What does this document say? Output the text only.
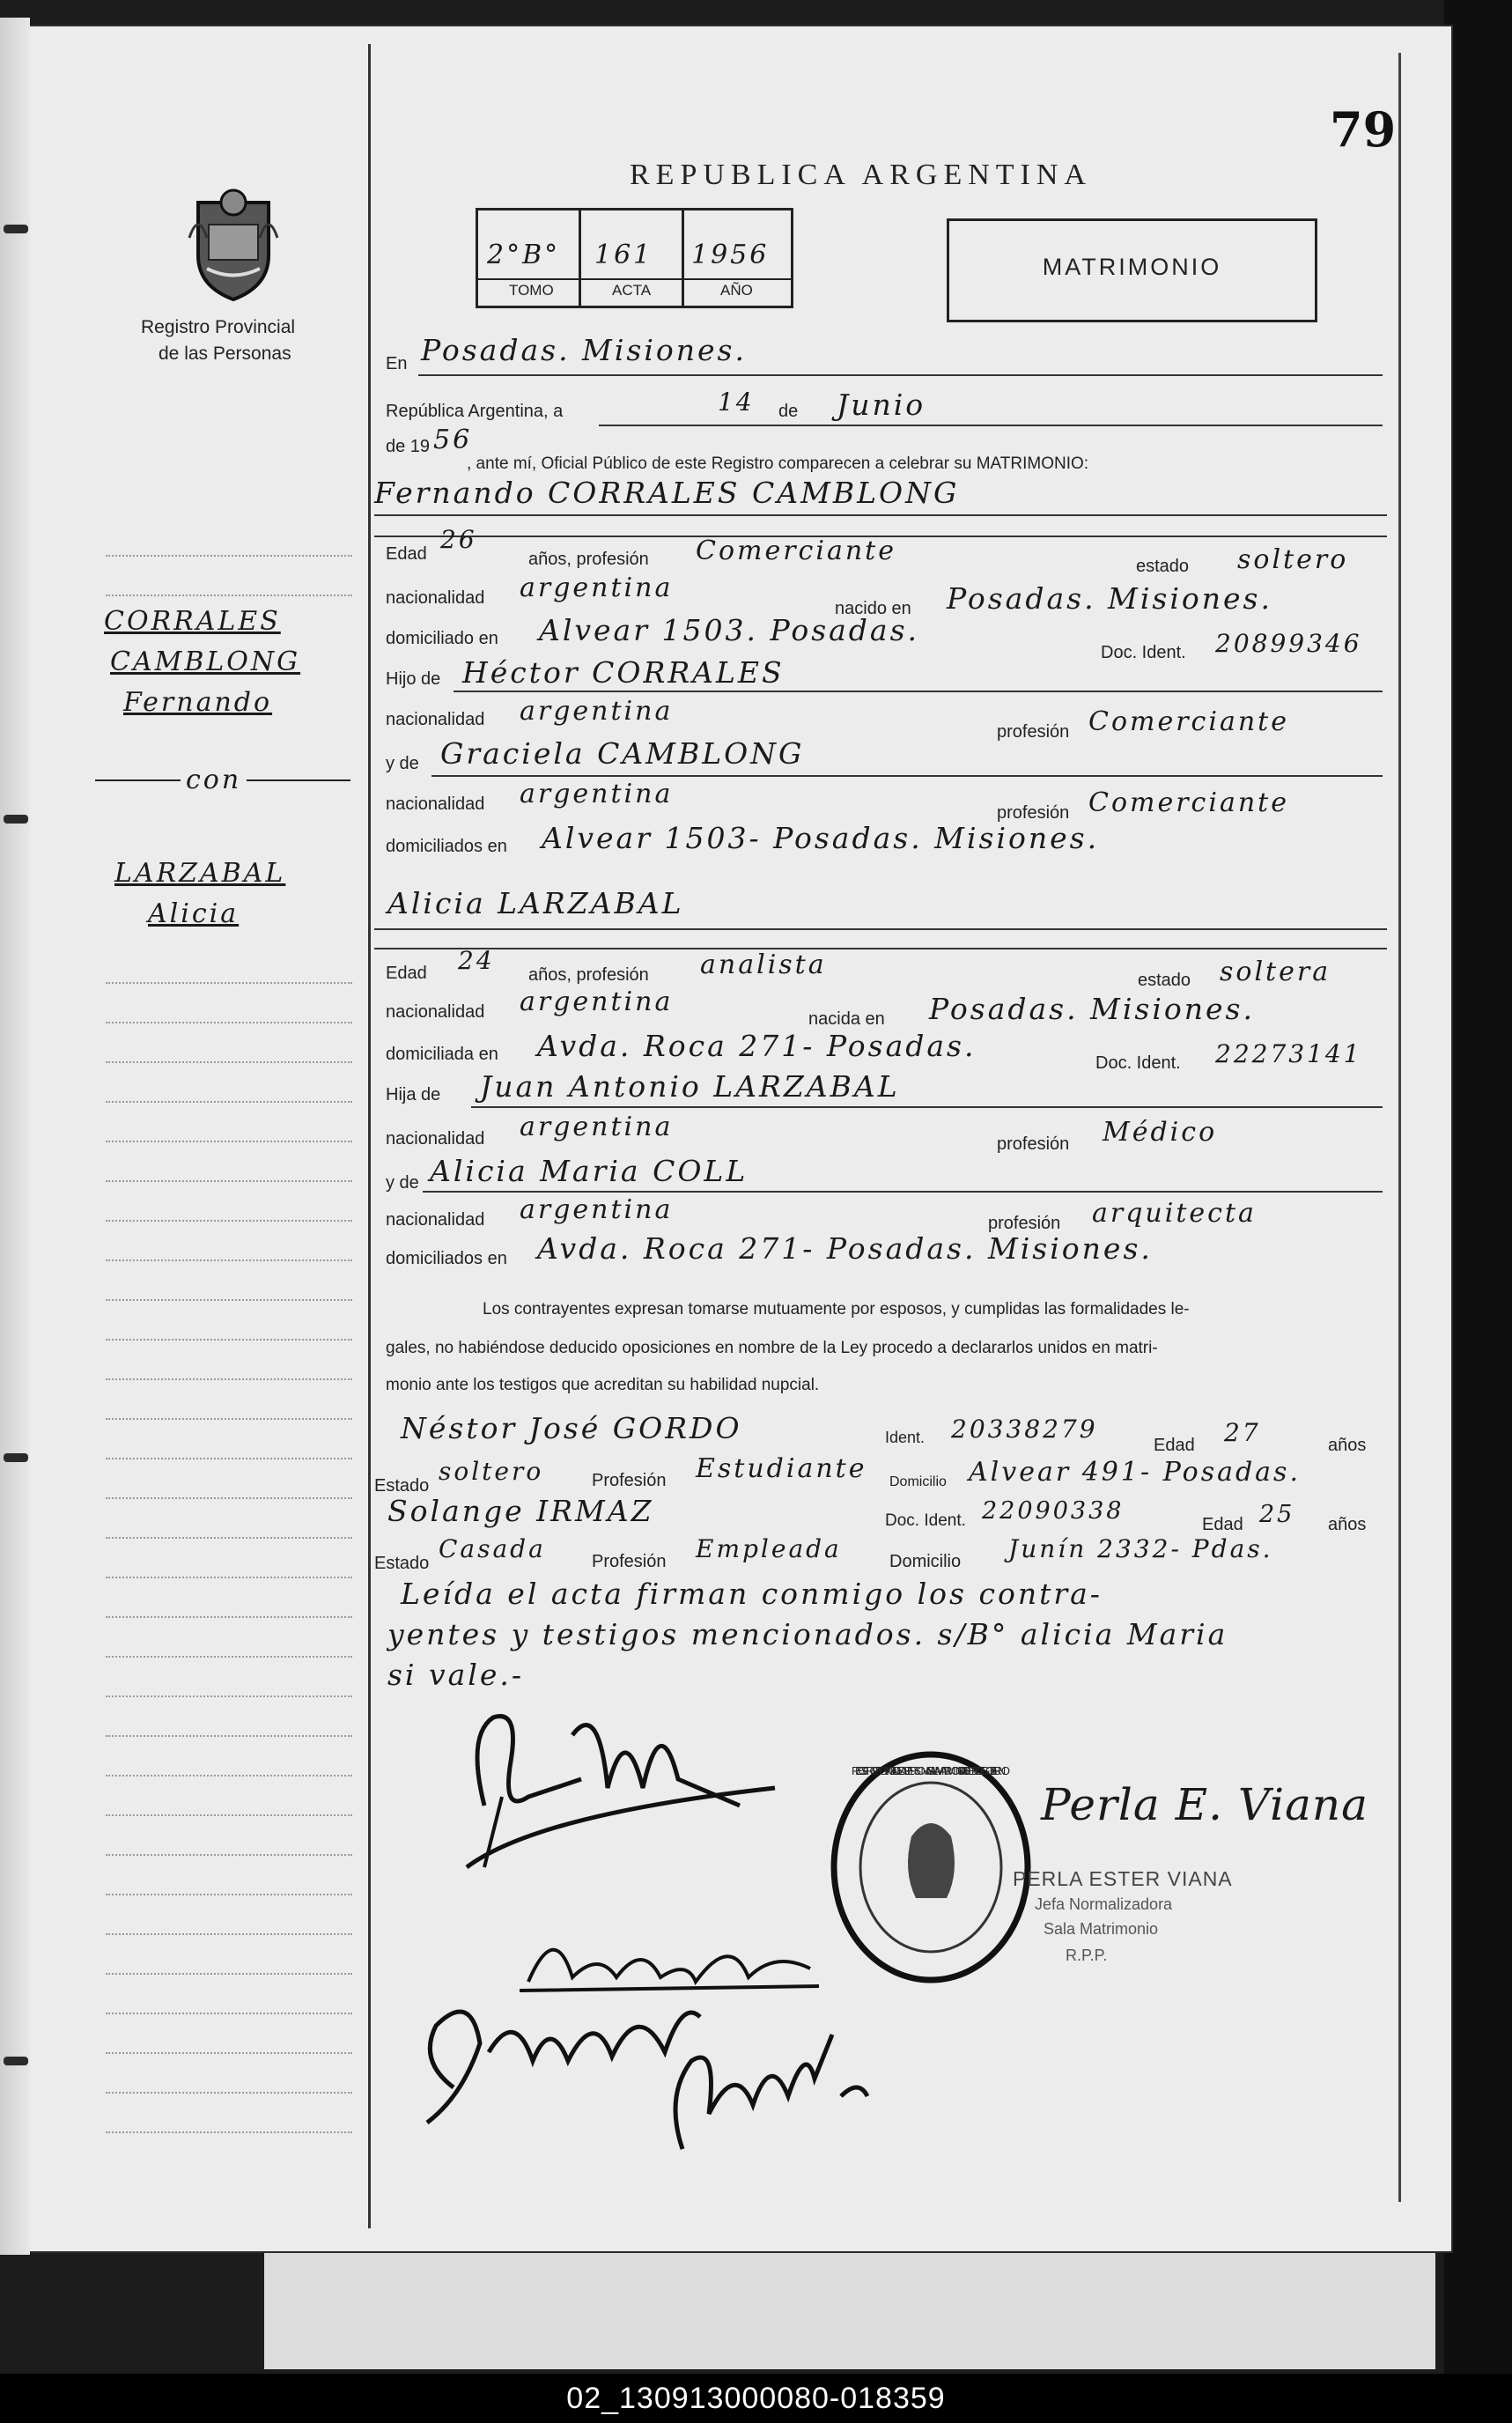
79
Registro Provincial
de las Personas
REPUBLICA ARGENTINA
2°B° 161 1956
TOMO	ACTA	AÑO
MATRIMONIO
CORRALES
CAMBLONG
Fernando
con
LARZABAL
Alicia
En Posadas. Misiones.
República Argentina, a	14 de Junio
de 19 56
, ante mí, Oficial Público de este Registro comparecen a celebrar su MATRIMONIO:
Fernando CORRALES CAMBLONG
Edad 26
años, profesión Comerciante	estado soltero
nacionalidad argentina
nacido en Posadas. Misiones.
domiciliado en Alvear 1503. Posadas.
Doc. Ident. 20899346
Hijo de Héctor CORRALES
nacionalidad argentina
profesión Comerciante
y de Graciela CAMBLONG
nacionalidad argentina
profesión Comerciante
domiciliados en Alvear 1503- Posadas. Misiones.
Alicia LARZABAL
Edad 24 años, profesión analista	estado soltera
nacionalidad argentina
nacida en Posadas. Misiones.
domiciliada en Avda. Roca 271- Posadas.	Doc. Ident. 22273141
Hija de Juan Antonio LARZABAL
nacionalidad argentina
profesión Médico
y de Alicia Maria COLL
nacionalidad argentina	profesión arquitecta
domiciliados en Avda. Roca 271- Posadas. Misiones.
Los contrayentes expresan tomarse mutuamente por esposos, y cumplidas las formalidades le-
gales, no habiéndose deducido oposiciones en nombre de la Ley procedo a declararlos unidos en matri-
monio ante los testigos que acreditan su habilidad nupcial.
Néstor José GORDO	Ident. 20338279
Edad 27	años
Estado soltero	Profesión Estudiante Domicilio Alvear 491- Posadas.
Solange IRMAZ	Doc. Ident. 22090338	Edad 25 años
Estado Casada	Profesión Empleada	Domicilio Junín 2332- Pdas.
Leída el acta firman conmigo los contra-
yentes y testigos mencionados. s/B° alicia Maria
si vale.-
REGISTRO PROVINCIAL DE LAS PERSONAS · SALA MATRIMONIO · MINISTERIO DE GOBIERNO
Perla E. Viana
PERLA ESTER VIANA
Jefa Normalizadora
Sala Matrimonio
R.P.P.
02_130913000080-018359
